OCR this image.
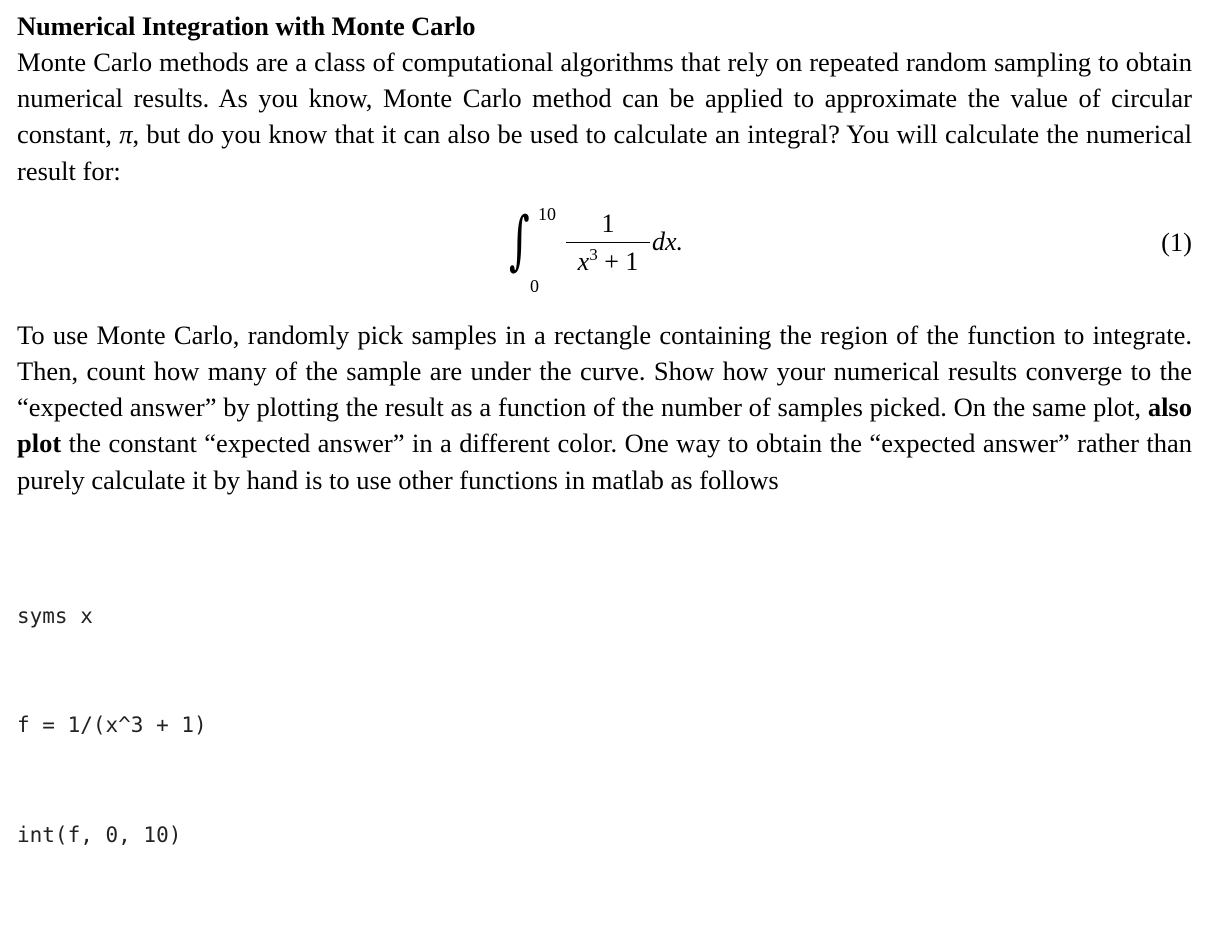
Numerical Integration with Monte Carlo

Monte Carlo methods are a class of computational algorithms that rely on repeated random sampling to obtain numerical results. As you know, Monte Carlo method can be applied to approximate the value of circular constant, π, but do you know that it can also be used to calculate an integral? You will calculate the numerical result for:

∫ 10
0
1
$x^3 + 1$
dx.	(1)

To use Monte Carlo, randomly pick samples in a rectangle containing the region of the function to integrate. Then, count how many of the sample are under the curve. Show how your numerical results converge to the “expected answer” by plotting the result as a function of the number of samples picked. On the same plot, also plot the constant “expected answer” in a different color. One way to obtain the “expected answer” rather than purely calculate it by hand is to use other functions in matlab as follows

syms x

f = 1/(x^3 + 1)

int(f, 0, 10)
